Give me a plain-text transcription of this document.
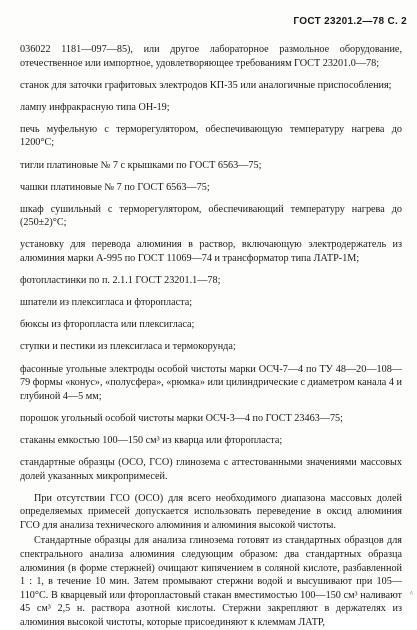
ГОСТ 23201.2—78 С. 2

036022 1181—097—85), или другое лабораторное размольное оборудование, отечественное или импортное, удовлетворяющее требованиям ГОСТ 23201.0—78;

станок для заточки графитовых электродов КП-35 или аналогичные приспособления;

лампу инфракрасную типа ОН-19;

печь муфельную с терморегулятором, обеспечивающую температуру нагрева до 1200°С;

тигли платиновые № 7 с крышками по ГОСТ 6563—75;

чашки платиновые № 7 по ГОСТ 6563—75;

шкаф сушильный с терморегулятором, обеспечивающий температуру нагрева до (250±2)°С;

установку для перевода алюминия в раствор, включающую электродержатель из алюминия марки А-995 по ГОСТ 11069—74 и трансформатор типа ЛАТР-1М;

фотопластинки по п. 2.1.1 ГОСТ 23201.1—78;

шпатели из плексигласа и фторопласта;

бюксы из фторопласта или плексигласа;

ступки и пестики из плексигласа и термокорунда;

фасонные угольные электроды особой чистоты марки ОСЧ-7—4 по ТУ 48—20—108—79 формы «конус», «полусфера», «рюмка» или цилиндрические с диаметром канала 4 и глубиной 4—5 мм;

порошок угольный особой чистоты марки ОСЧ-3—4 по ГОСТ 23463—75;

стаканы емкостью 100—150 см³ из кварца или фторопласта;

стандартные образцы (ОСО, ГСО) глинозема с аттестованными значениями массовых долей указанных микропримесей.

При отсутствии ГСО (ОСО) для всего необходимого диапазона массовых долей определяемых примесей допускается использовать переведение в оксид алюминия ГСО для анализа технического алюминия и алюминия высокой чистоты.

Стандартные образцы для анализа глинозема готовят из стандартных образцов для спектрального анализа алюминия следующим образом: два стандартных образца алюминия (в форме стержней) очищают кипячением в соляной кислоте, разбавленной 1 : 1, в течение 10 мин. Затем промывают стержни водой и высушивают при 105—110°С. В кварцевый или фторопластовый стакан вместимостью 100—150 см³ наливают 45 см³ 2,5 н. раствора азотной кислоты. Стержни закрепляют в держателях из алюминия высокой чистоты, которые присоединяют к клеммам ЛАТР,

^
